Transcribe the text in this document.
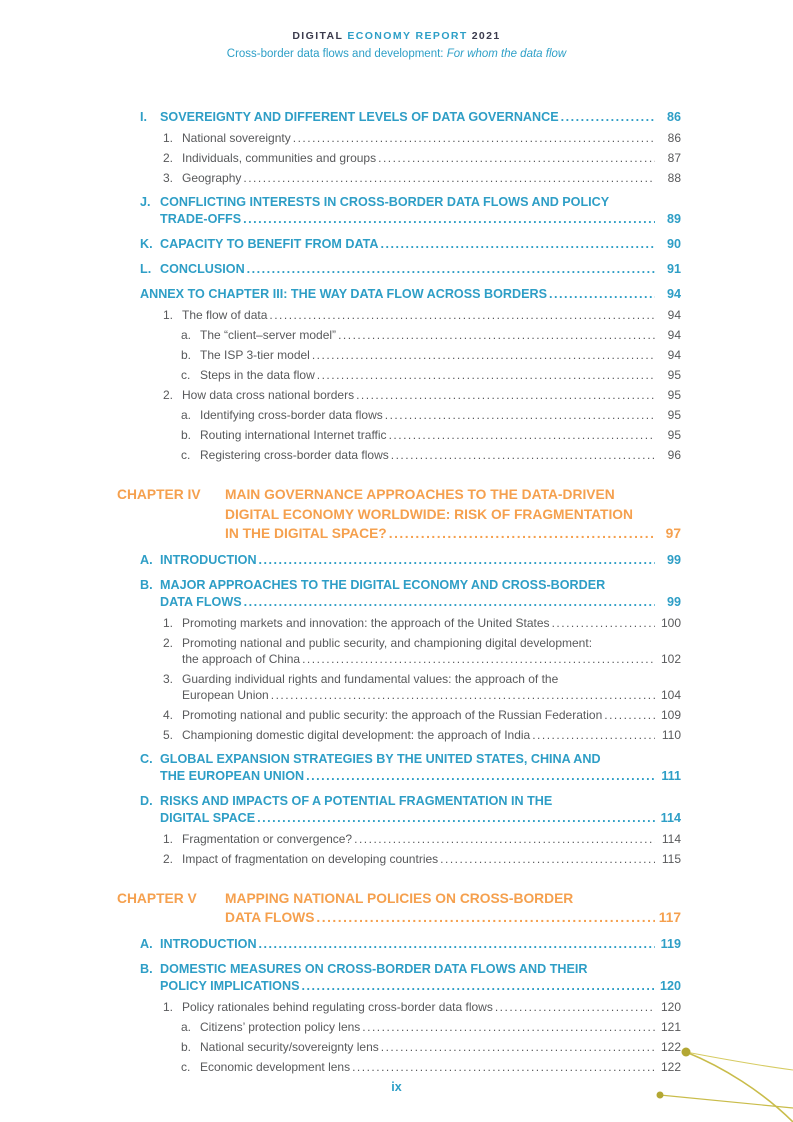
DIGITAL ECONOMY REPORT 2021
Cross-border data flows and development: For whom the data flow
I.	SOVEREIGNTY AND DIFFERENT LEVELS OF DATA GOVERNANCE .....	86
1. National sovereignty .....	86
2. Individuals, communities and groups .....	87
3. Geography .....	88
J. CONFLICTING INTERESTS IN CROSS-BORDER DATA FLOWS AND POLICY
TRADE-OFFS .....	89
K. CAPACITY TO BENEFIT FROM DATA .....	90
L. CONCLUSION .....	91
ANNEX TO CHAPTER III: THE WAY DATA FLOW ACROSS BORDERS .....	94
1. The flow of data .....	94
a. The “client–server model” .....	94
b. The ISP 3-tier model .....	94
c. Steps in the data flow .....	95
2. How data cross national borders .....	95
a. Identifying cross-border data flows .....	95
b. Routing international Internet traffic .....	95
c. Registering cross-border data flows .....	96
CHAPTER IV	MAIN GOVERNANCE APPROACHES TO THE DATA-DRIVEN
DIGITAL ECONOMY WORLDWIDE: RISK OF FRAGMENTATION
IN THE DIGITAL SPACE? .....	97
A. INTRODUCTION .....	99
B. MAJOR APPROACHES TO THE DIGITAL ECONOMY AND CROSS-BORDER
DATA FLOWS .....	99
1. Promoting markets and innovation: the approach of the United States .....	100
2. Promoting national and public security, and championing digital development:
the approach of China .....	102
3. Guarding individual rights and fundamental values: the approach of the
European Union .....	104
4. Promoting national and public security: the approach of the Russian Federation .....	109
5. Championing domestic digital development: the approach of India .....	110
C. GLOBAL EXPANSION STRATEGIES BY THE UNITED STATES, CHINA AND
THE EUROPEAN UNION .....	111
D. RISKS AND IMPACTS OF A POTENTIAL FRAGMENTATION IN THE
DIGITAL SPACE .....	114
1. Fragmentation or convergence? .....	114
2. Impact of fragmentation on developing countries .....	115
CHAPTER V	MAPPING NATIONAL POLICIES ON CROSS-BORDER
DATA FLOWS .....	117
A. INTRODUCTION .....	119
B. DOMESTIC MEASURES ON CROSS-BORDER DATA FLOWS AND THEIR
POLICY IMPLICATIONS .....	120
1. Policy rationales behind regulating cross-border data flows .....	120
a. Citizens’ protection policy lens .....	121
b. National security/sovereignty lens .....	122
c. Economic development lens .....	122
ix
